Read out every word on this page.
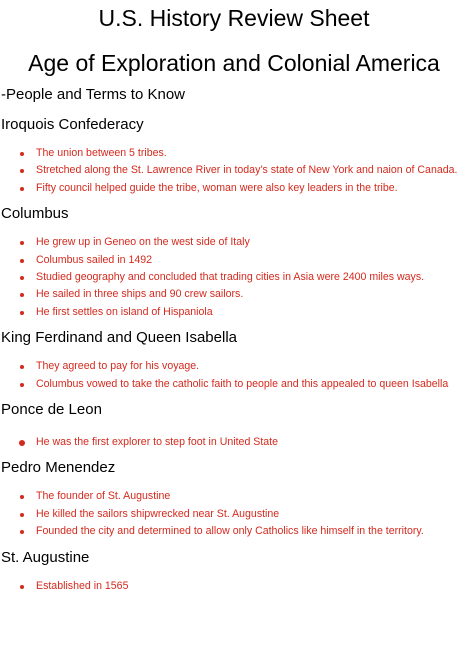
U.S. History Review Sheet
Age of Exploration and Colonial America
-People and Terms to Know
Iroquois Confederacy
The union between 5 tribes.
Stretched along the St. Lawrence River in today’s state of New York and naion of Canada.
Fifty council helped guide the tribe, woman were also key leaders in the tribe.
Columbus
He grew up in Geneo on the west side of Italy
Columbus sailed in 1492
Studied geography and concluded that trading cities in Asia were 2400 miles ways.
He sailed in three ships and 90 crew sailors.
He first settles on island of Hispaniola
King Ferdinand and Queen Isabella
They agreed to pay for his voyage.
Columbus vowed to take the catholic faith to people and this appealed to queen Isabella
Ponce de Leon
He was the first explorer to step foot in United State
Pedro Menendez
The founder of St. Augustine
He killed the sailors shipwrecked near St. Augustine
Founded the city and determined to allow only Catholics like himself in the territory.
St. Augustine
Established in 1565
